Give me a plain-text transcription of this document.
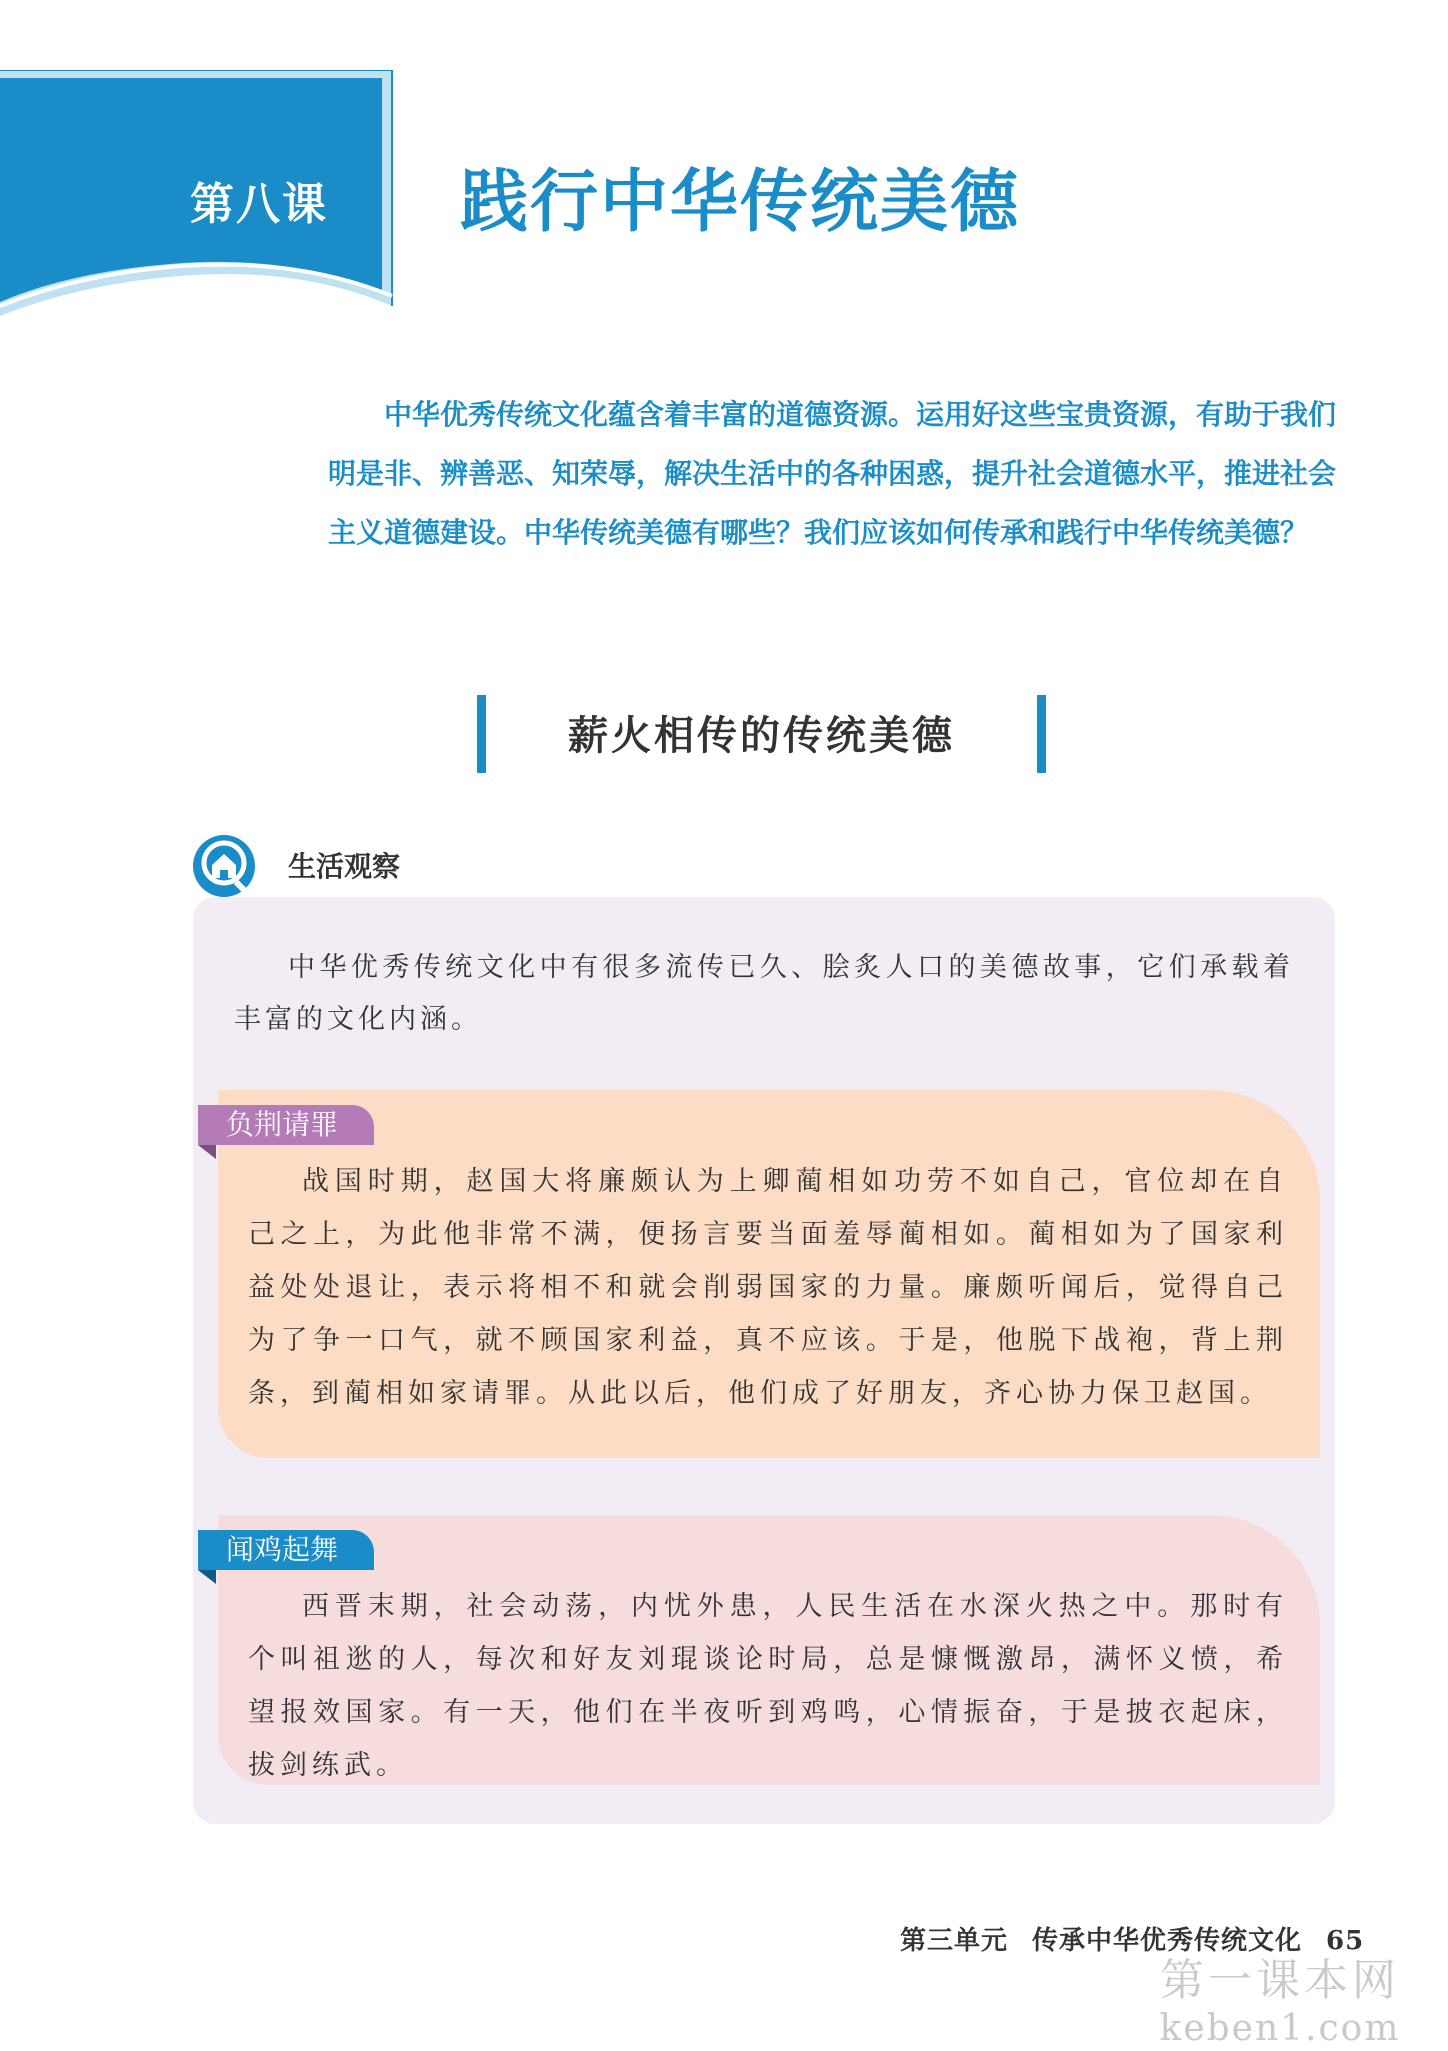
第八课	践行中华传统美德

中华优秀传统文化蕴含着丰富的道德资源。运用好这些宝贵资源，有助于我们明是非、辨善恶、知荣辱，解决生活中的各种困惑，提升社会道德水平，推进社会主义道德建设。中华传统美德有哪些？我们应该如何传承和践行中华传统美德？

薪火相传的传统美德
生活观察

中华优秀传统文化中有很多流传已久、脍炙人口的美德故事，它们承载着丰富的文化内涵。

负荆请罪

战国时期，赵国大将廉颇认为上卿蔺相如功劳不如自己，官位却在自己之上，为此他非常不满，便扬言要当面羞辱蔺相如。蔺相如为了国家利益处处退让，表示将相不和就会削弱国家的力量。廉颇听闻后，觉得自己为了争一口气，就不顾国家利益，真不应该。于是，他脱下战袍，背上荆条，到蔺相如家请罪。从此以后，他们成了好朋友，齐心协力保卫赵国。

闻鸡起舞

西晋末期，社会动荡，内忧外患，人民生活在水深火热之中。那时有个叫祖逖的人，每次和好友刘琨谈论时局，总是慷慨激昂，满怀义愤，希望报效国家。有一天，他们在半夜听到鸡鸣，心情振奋，于是披衣起床，拔剑练武。

第三单元 传承中华优秀传统文化 65
第一课本网
keben1.com
